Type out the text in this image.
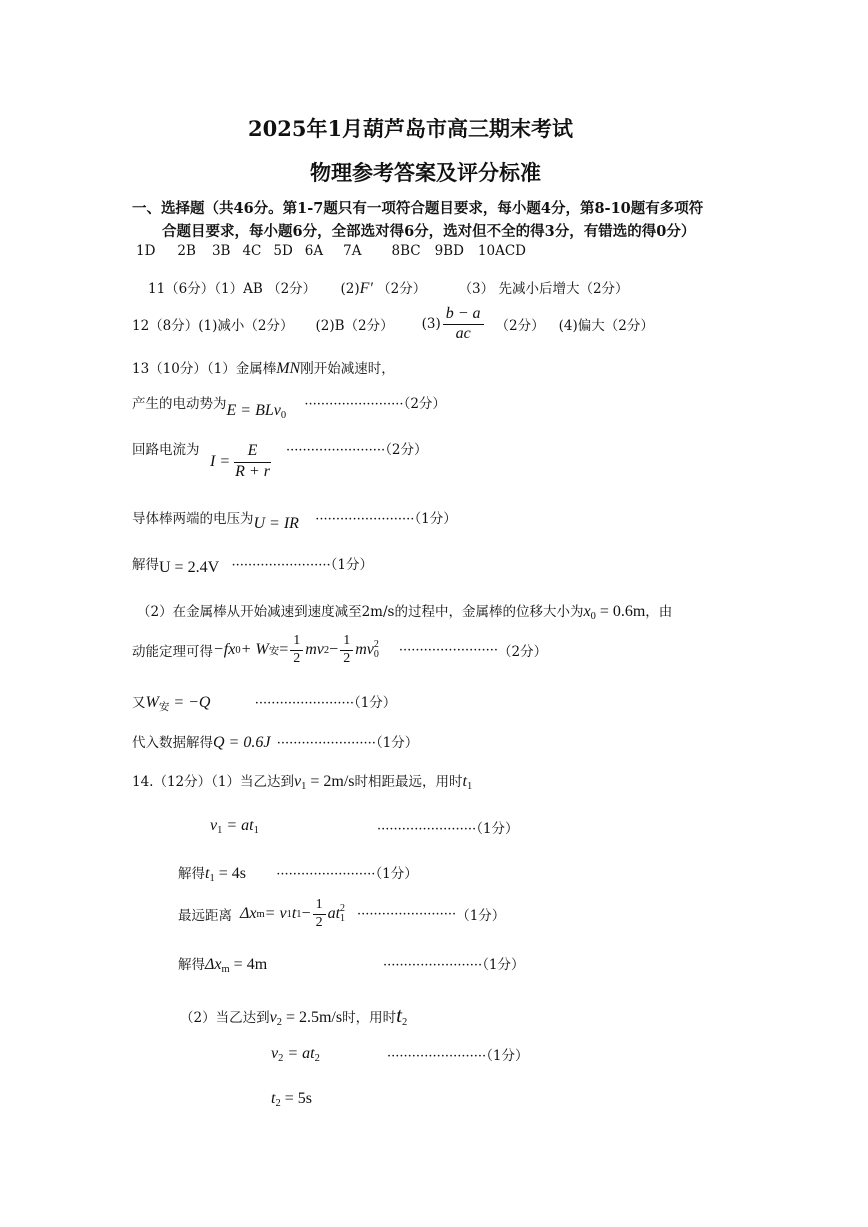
2025年1月葫芦岛市高三期末考试
物理参考答案及评分标准
一、选择题（共46分。第1-7题只有一项符合题目要求，每小题4分，第8-10题有多项符
合题目要求，每小题6分，全部选对得6分，选对但不全的得3分，有错选的得0分）
1D 2B 3B 4C 5D 6A 7A 8BC 9BD 10ACD
11（6分）（1）AB （2分） (2)F′ （2分） （3） 先减小后增大（2分）
12（8分）(1)减小（2分） (2)B（2分） $(3) \frac{b - a}{ac} (2$分） (4)偏大（2分）
13（10分）（1）金属棒MN刚开始减速时，
产生的电动势为E = BLv$_0$ ························（2分）
回路电流为
$I = \frac{E}{R + r} \cdot\cdot\cdot\cdot\cdot\cdot\cdot\cdot\cdot\cdot\cdot\cdot\cdot\cdot\cdot\cdot\cdot\cdot\cdot\cdot\cdot\cdot\cdot\cdot(2$分）
导体棒两端的电压为U = IR ························（1分）
解得U = 2.4V ························（1分）
（2）在金属棒从开始减速到速度减至2m/s的过程中，金属棒的位移大小为$x_0 = 0.6m$，由
动能定理可得 −fx 0 + W 安 = $\frac{1}{2}$ mv $2 - \frac{1}{2}$ mv 2
0 ························ （2分）
又$W_安 = -Q$	························（1分）
代入数据解得Q = 0.6J ························（1分）
14.（12分）（1）当乙达到$v_1 = 2m/s$时相距最远，用时$t_1$
$v_1 = at_1$	························（1分）
解得$t_1 = 4s \cdot\cdot\cdot\cdot\cdot\cdot\cdot\cdot\cdot\cdot\cdot\cdot\cdot\cdot\cdot\cdot\cdot\cdot\cdot\cdot\cdot\cdot\cdot\cdot(1$分）
最远距离 Δx m = v 1 t $1 - \frac{1}{2}$ at 2
1 ························ （1分）
解得$\Delta x_m = 4m$	························（1分）
（2）当乙达到$v_2 = 2.5m/s$时，用时$t_2$
$v_2 = at_2$	························（1分）
$t_2 = 5s$
